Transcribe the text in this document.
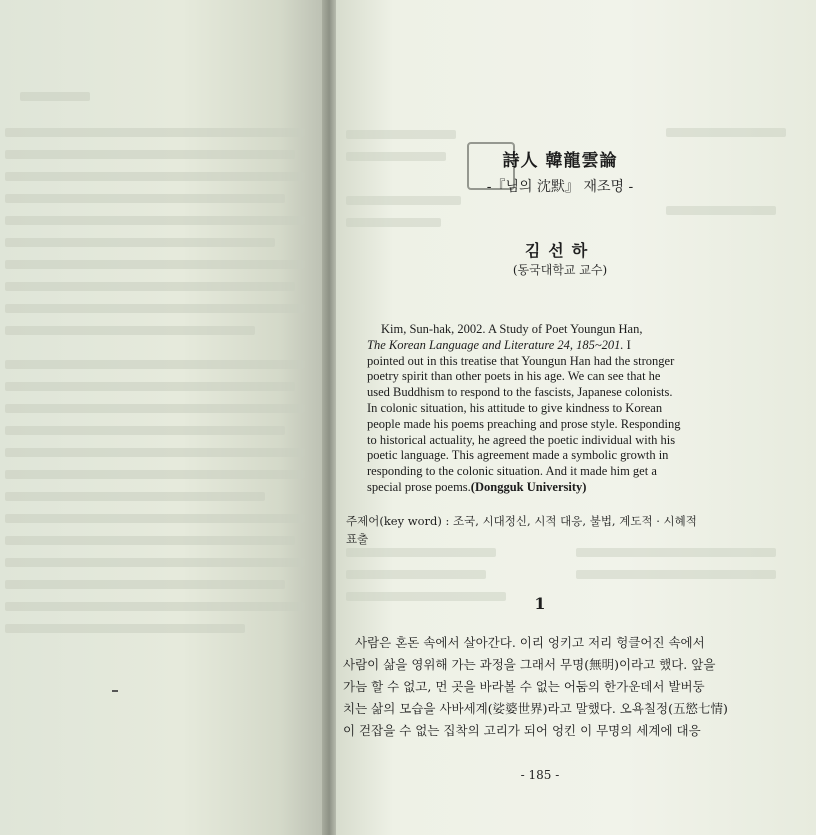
詩人 韓龍雲論
-『님의 沈默』 재조명 -
김선하
(동국대학교 교수)
Kim, Sun-hak, 2002. A Study of Poet Youngun Han,
The Korean Language and Literature 24, 185~201. I
pointed out in this treatise that Youngun Han had the stronger
poetry spirit than other poets in his age. We can see that he
used Buddhism to respond to the fascists, Japanese colonists.
In colonic situation, his attitude to give kindness to Korean
people made his poems preaching and prose style. Responding
to historical actuality, he agreed the poetic individual with his
poetic language. This agreement made a symbolic growth in
responding to the colonic situation. And it made him get a
special prose poems.(Dongguk University)
주제어(key word) : 조국, 시대정신, 시적 대응, 불법, 계도적 · 시혜적
표출
1
사람은 혼돈 속에서 살아간다. 이리 엉키고 저리 헝클어진 속에서
사람이 삶을 영위해 가는 과정을 그래서 무명(無明)이라고 했다. 앞을
가늠 할 수 없고, 먼 곳을 바라볼 수 없는 어둠의 한가운데서 발버둥
치는 삶의 모습을 사바세계(娑婆世界)라고 말했다. 오욕칠정(五慾七情)
이 걷잡을 수 없는 집착의 고리가 되어 엉킨 이 무명의 세계에 대응
- 185 -
